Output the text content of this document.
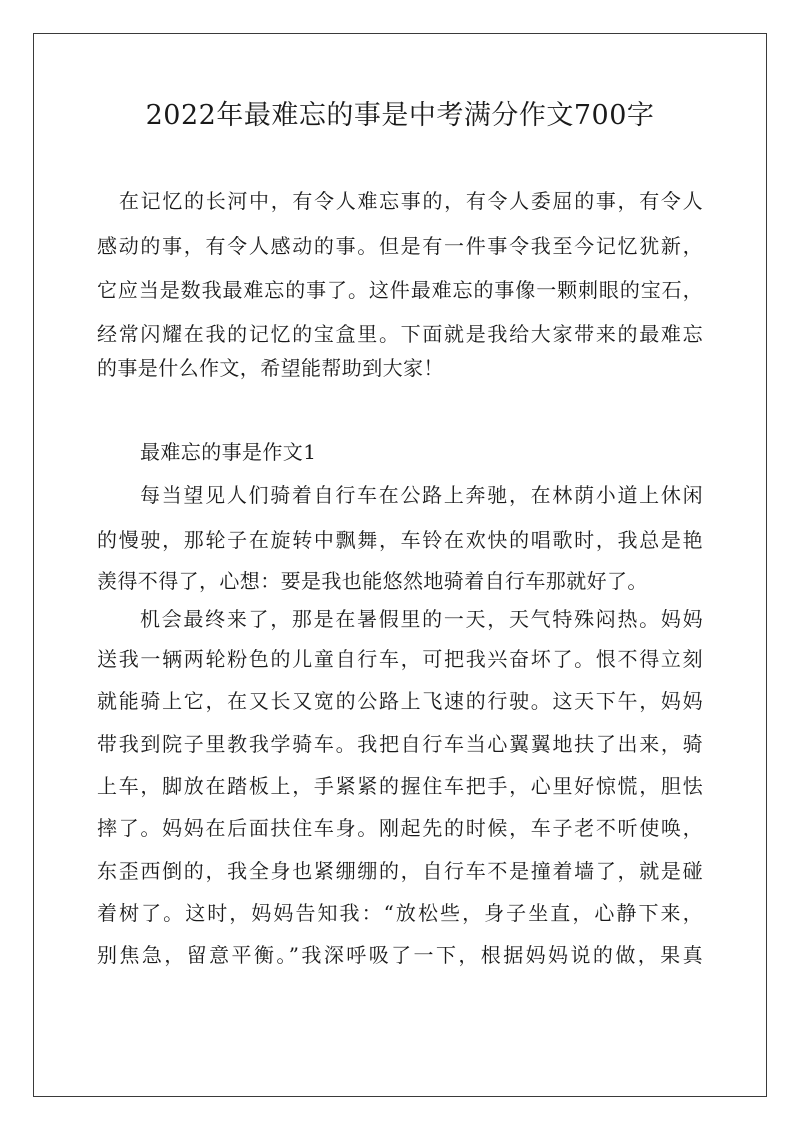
2022年最难忘的事是中考满分作文700字
在记忆的长河中，有令人难忘事的，有令人委屈的事，有令人
感动的事，有令人感动的事。但是有一件事令我至今记忆犹新，
它应当是数我最难忘的事了。这件最难忘的事像一颗刺眼的宝石，
经常闪耀在我的记忆的宝盒里。下面就是我给大家带来的最难忘
的事是什么作文，希望能帮助到大家！
最难忘的事是作文1
每当望见人们骑着自行车在公路上奔驰，在林荫小道上休闲
的慢驶，那轮子在旋转中飘舞，车铃在欢快的唱歌时，我总是艳
羡得不得了，心想：要是我也能悠然地骑着自行车那就好了。
机会最终来了，那是在暑假里的一天，天气特殊闷热。妈妈
送我一辆两轮粉色的儿童自行车，可把我兴奋坏了。恨不得立刻
就能骑上它，在又长又宽的公路上飞速的行驶。这天下午，妈妈
带我到院子里教我学骑车。我把自行车当心翼翼地扶了出来，骑
上车，脚放在踏板上，手紧紧的握住车把手，心里好惊慌，胆怯
摔了。妈妈在后面扶住车身。刚起先的时候，车子老不听使唤，
东歪西倒的，我全身也紧绷绷的，自行车不是撞着墙了，就是碰
着树了。这时，妈妈告知我：“放松些，身子坐直，心静下来，
别焦急，留意平衡。”我深呼吸了一下，根据妈妈说的做，果真
